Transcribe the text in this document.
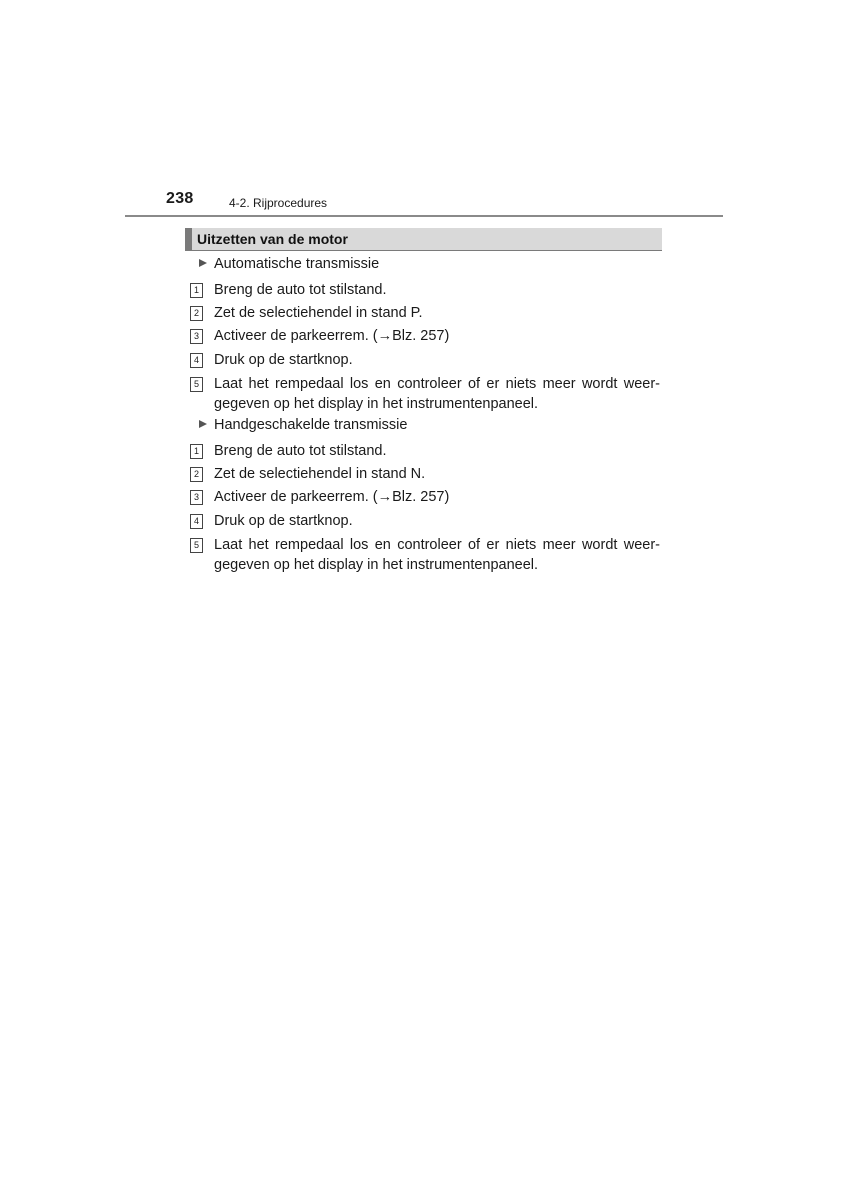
238	4-2. Rijprocedures
Uitzetten van de motor
Automatische transmissie
1 Breng de auto tot stilstand.
2 Zet de selectiehendel in stand P.
3 Activeer de parkeerrem. (→Blz. 257)
4 Druk op de startknop.
5 Laat het rempedaal los en controleer of er niets meer wordt weer-gegeven op het display in het instrumentenpaneel.
Handgeschakelde transmissie
1 Breng de auto tot stilstand.
2 Zet de selectiehendel in stand N.
3 Activeer de parkeerrem. (→Blz. 257)
4 Druk op de startknop.
5 Laat het rempedaal los en controleer of er niets meer wordt weer-gegeven op het display in het instrumentenpaneel.
